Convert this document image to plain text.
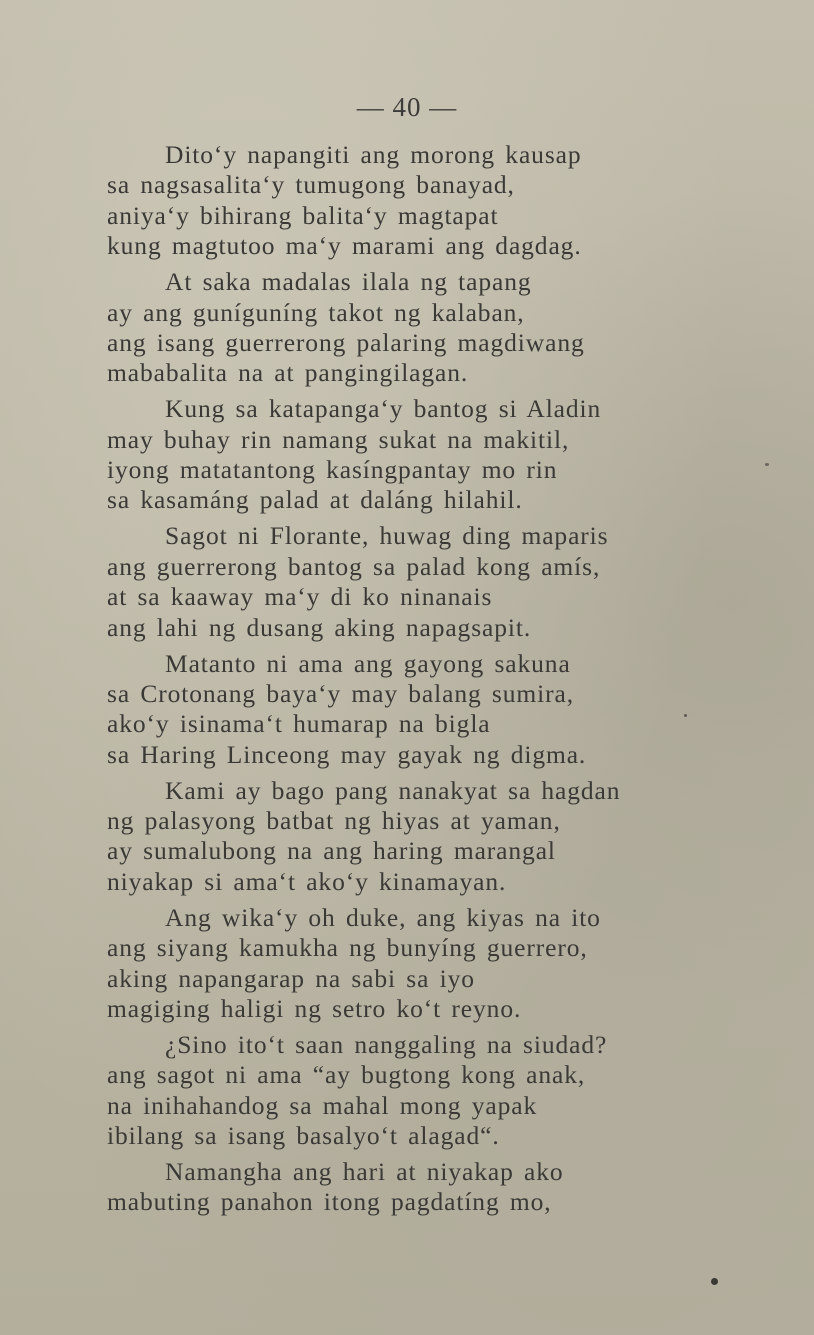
— 40 —
Dito‘y napangiti ang morong kausap
sa nagsasalita‘y tumugong banayad,
aniya‘y bihirang balita‘y magtapat
kung magtutoo ma‘y marami ang dagdag.
At saka madalas ilala ng tapang
ay ang guníguníng takot ng kalaban,
ang isang guerrerong palaring magdiwang
mababalita na at pangingilagan.
Kung sa katapanga‘y bantog si Aladin
may buhay rin namang sukat na makitil,
iyong matatantong kasíngpantay mo rin
sa kasamáng palad at daláng hilahil.
Sagot ni Florante, huwag ding maparis
ang guerrerong bantog sa palad kong amís,
at sa kaaway ma‘y di ko ninanais
ang lahi ng dusang aking napagsapit.
Matanto ni ama ang gayong sakuna
sa Crotonang baya‘y may balang sumira,
ako‘y isinama‘t humarap na bigla
sa Haring Linceong may gayak ng digma.
Kami ay bago pang nanakyat sa hagdan
ng palasyong batbat ng hiyas at yaman,
ay sumalubong na ang haring marangal
niyakap si ama‘t ako‘y kinamayan.
Ang wika‘y oh duke, ang kiyas na ito
ang siyang kamukha ng bunyíng guerrero,
aking napangarap na sabi sa iyo
magiging haligi ng setro ko‘t reyno.
¿Sino ito‘t saan nanggaling na siudad?
ang sagot ni ama “ay bugtong kong anak,
na inihahandog sa mahal mong yapak
ibilang sa isang basalyo‘t alagad“.
Namangha ang hari at niyakap ako
mabuting panahon itong pagdatíng mo,
